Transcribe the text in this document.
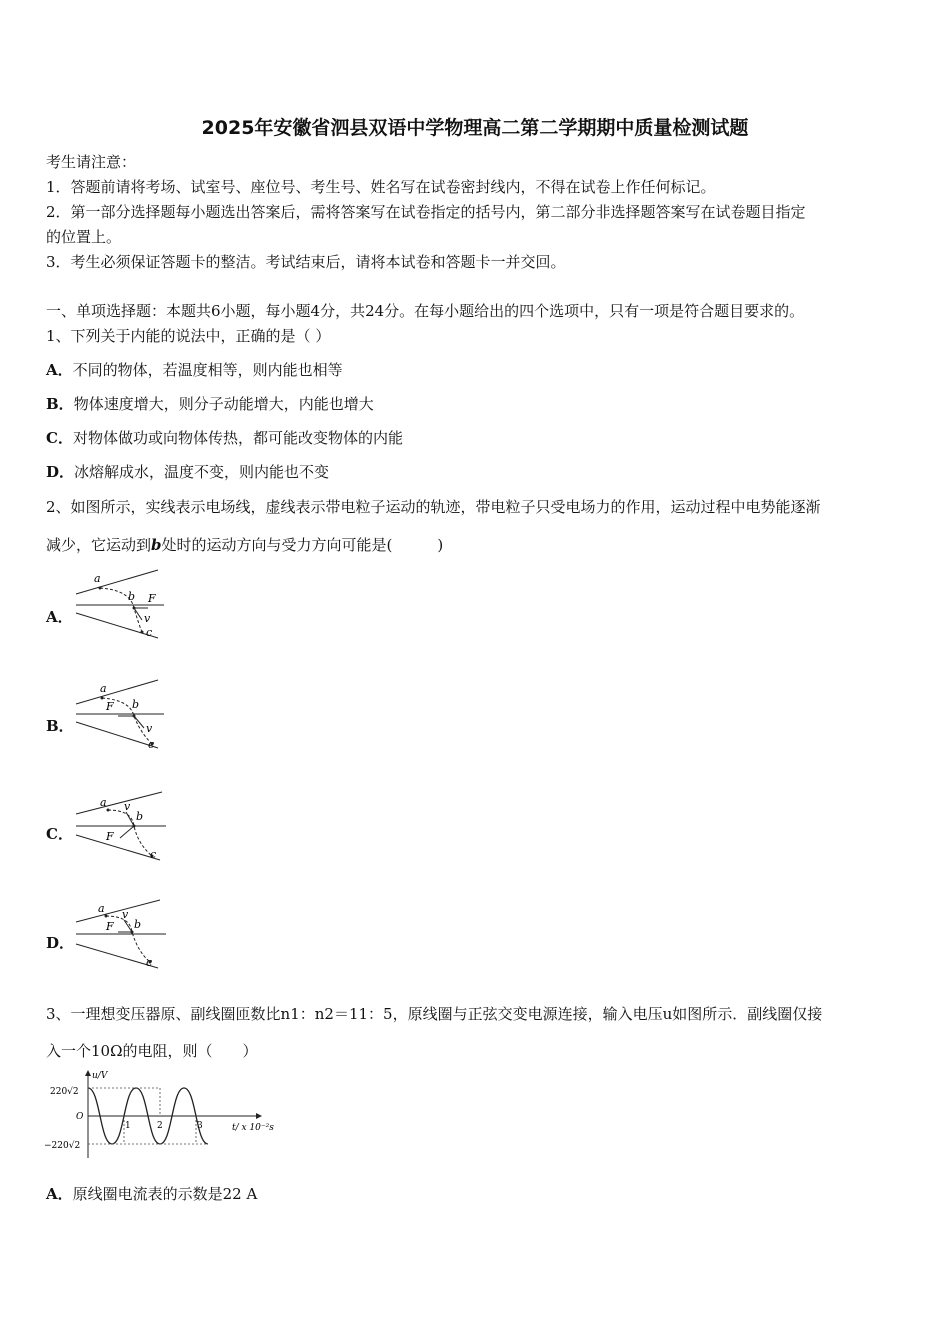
2025年安徽省泗县双语中学物理高二第二学期期中质量检测试题
考生请注意：
1．答题前请将考场、试室号、座位号、考生号、姓名写在试卷密封线内，不得在试卷上作任何标记。
2．第一部分选择题每小题选出答案后，需将答案写在试卷指定的括号内，第二部分非选择题答案写在试卷题目指定
的位置上。
3．考生必须保证答题卡的整洁。考试结束后，请将本试卷和答题卡一并交回。
一、单项选择题：本题共6小题，每小题4分，共24分。在每小题给出的四个选项中，只有一项是符合题目要求的。
1、下列关于内能的说法中，正确的是（ ）
A．不同的物体，若温度相等，则内能也相等
B．物体速度增大，则分子动能增大，内能也增大
C．对物体做功或向物体传热，都可能改变物体的内能
D．冰熔解成水，温度不变，则内能也不变
2、如图所示，实线表示电场线，虚线表示带电粒子运动的轨迹，带电粒子只受电场力的作用，运动过程中电势能逐渐
减少，它运动到b处时的运动方向与受力方向可能是(　　　)
A．
a
b F
v
c
B．
a
b
F
v
c
C．
a v
b
F
c
D．
a v
b
F
c
3、一理想变压器原、副线圈匝数比n1：n2＝11：5，原线圈与正弦交变电源连接，输入电压u如图所示．副线圈仅接
入一个10Ω的电阻，则（　　）
u/V
220√2
O
−220√2
1	2	3	t/ x 10⁻²s
A．原线圈电流表的示数是22 A
